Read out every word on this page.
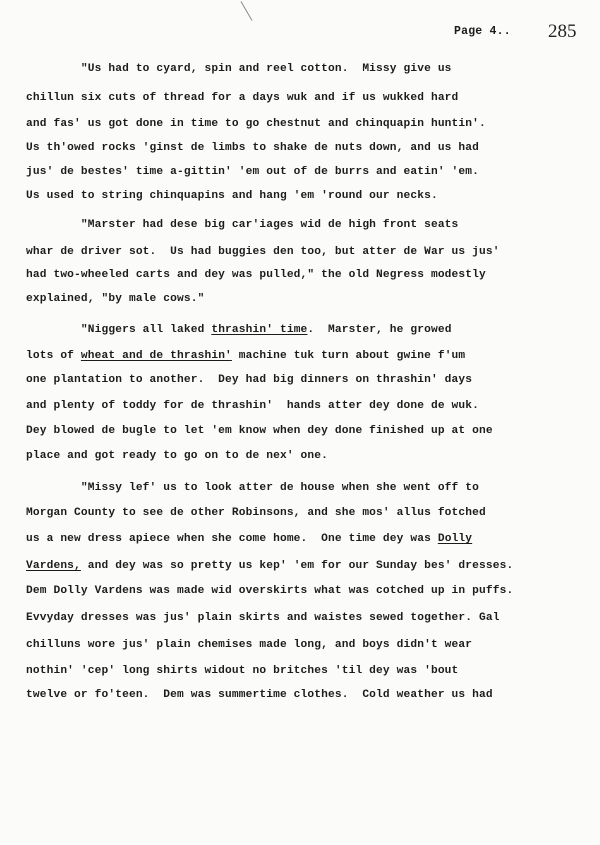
Page 4.. 285
"Us had to cyard, spin and reel cotton.  Missy give us
chillun six cuts of thread for a days wuk and if us wukked hard
and fas' us got done in time to go chestnut and chinquapin huntin'.
Us th'owed rocks 'ginst de limbs to shake de nuts down, and us had
jus' de bestes' time a-gittin' 'em out of de burrs and eatin' 'em.
Us used to string chinquapins and hang 'em 'round our necks.
"Marster had dese big car'iages wid de high front seats
whar de driver sot.  Us had buggies den too, but atter de War us jus'
had two-wheeled carts and dey was pulled," the old Negress modestly
explained, "by male cows."
"Niggers all laked thrashin' time.  Marster, he growed
lots of wheat and de thrashin' machine tuk turn about gwine f'um
one plantation to another.  Dey had big dinners on thrashin' days
and plenty of toddy for de thrashin'  hands atter dey done de wuk.
Dey blowed de bugle to let 'em know when dey done finished up at one
place and got ready to go on to de nex' one.
"Missy lef' us to look atter de house when she went off to
Morgan County to see de other Robinsons, and she mos' allus fotched
us a new dress apiece when she come home.  One time dey was Dolly
Vardens, and dey was so pretty us kep' 'em for our Sunday bes' dresses.
Dem Dolly Vardens was made wid overskirts what was cotched up in puffs.
Evvyday dresses was jus' plain skirts and waistes sewed together. Gal
chilluns wore jus' plain chemises made long, and boys didn't wear
nothin' 'cep' long shirts widout no britches 'til dey was 'bout
twelve or fo'teen.  Dem was summertime clothes.  Cold weather us had
